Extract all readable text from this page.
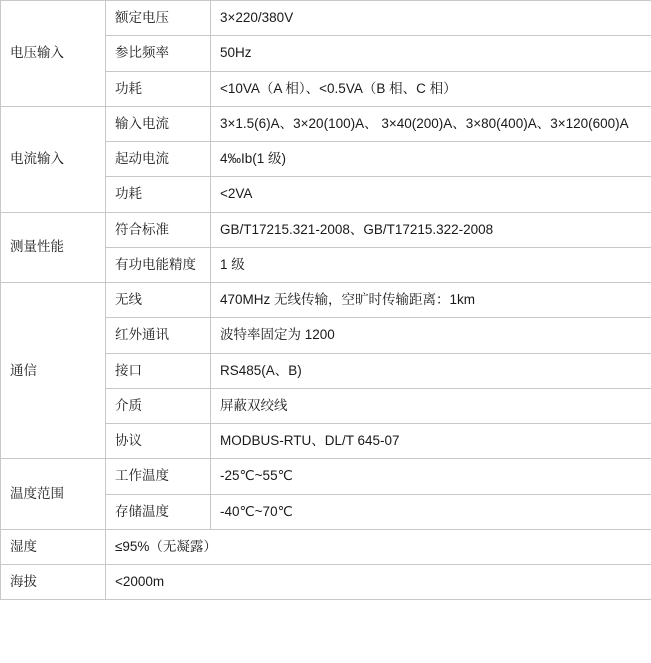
电压输入	额定电压	3×220/380V
	参比频率	50Hz
	功耗	<10VA（A 相）、<0.5VA（B 相、C 相）
电流输入	输入电流	3×1.5(6)A、3×20(100)A、 3×40(200)A、3×80(400)A、3×120(600)A
	起动电流	4‰Ib(1 级)
	功耗	<2VA
测量性能	符合标准	GB/T17215.321-2008、GB/T17215.322-2008
	有功电能精度	1 级
通信	无线	470MHz 无线传输，空旷时传输距离：1km
	红外通讯	波特率固定为 1200
	接口	RS485(A、B)
	介质	屏蔽双绞线
	协议	MODBUS-RTU、DL/T 645-07
温度范围	工作温度	-25℃~55℃
	存储温度	-40℃~70℃
湿度	≤95%（无凝露）	
海拔	<2000m	
